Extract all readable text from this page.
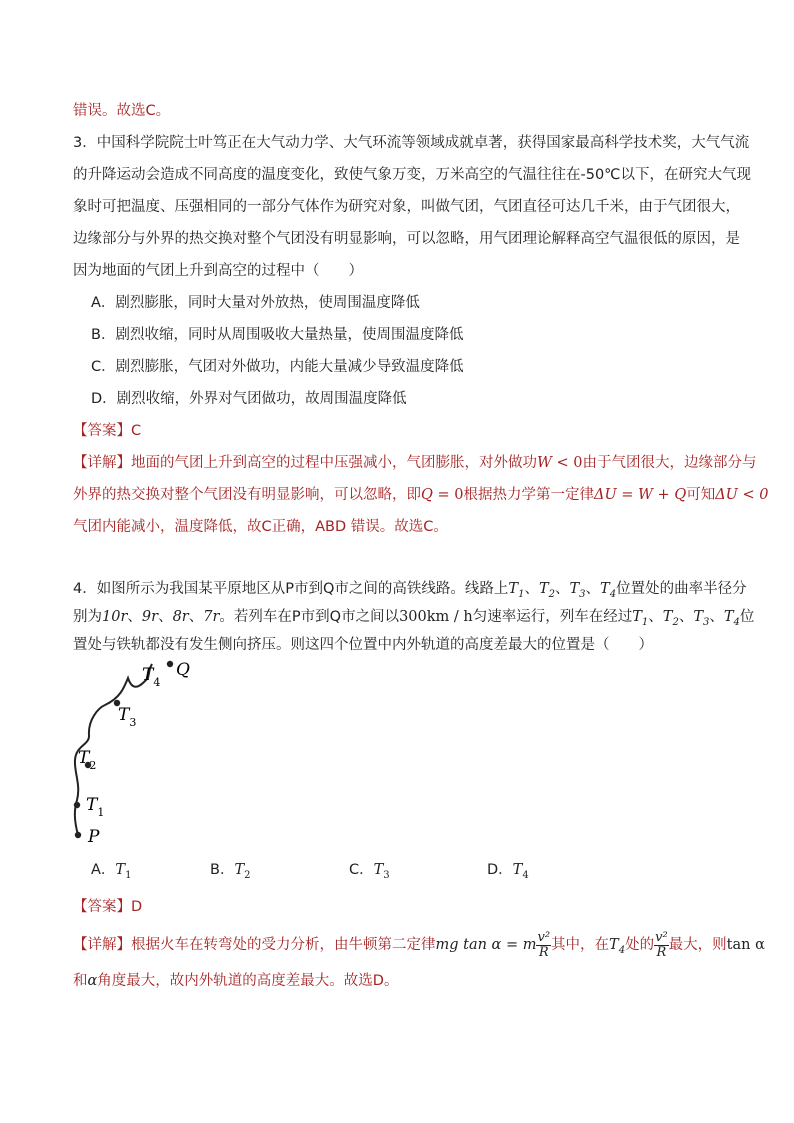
错误。故选C。
3．中国科学院院士叶笃正在大气动力学、大气环流等领域成就卓著，获得国家最高科学技术奖，大气气流
的升降运动会造成不同高度的温度变化，致使气象万变，万米高空的气温往往在-50℃以下，在研究大气现
象时可把温度、压强相同的一部分气体作为研究对象，叫做气团，气团直径可达几千米，由于气团很大，
边缘部分与外界的热交换对整个气团没有明显影响，可以忽略，用气团理论解释高空气温很低的原因，是
因为地面的气团上升到高空的过程中（　　）
A．剧烈膨胀，同时大量对外放热，使周围温度降低
B．剧烈收缩，同时从周围吸收大量热量，使周围温度降低
C．剧烈膨胀，气团对外做功，内能大量减少导致温度降低
D．剧烈收缩，外界对气团做功，故周围温度降低
【答案】C
【详解】地面的气团上升到高空的过程中压强减小，气团膨胀，对外做功W < 0由于气团很大，边缘部分与
外界的热交换对整个气团没有明显影响，可以忽略，即Q = 0根据热力学第一定律ΔU = W + Q可知ΔU < 0
气团内能减小，温度降低，故C正确，ABD 错误。故选C。
4．如图所示为我国某平原地区从P市到Q市之间的高铁线路。线路上$T_1$、$T_2$、$T_3$、$T_4$位置处的曲率半径分
别为10r、9r、8r、7r。若列车在P市到Q市之间以300km / h匀速率运行，列车在经过$T_1$、$T_2$、$T_3$、$T_4$位
置处与铁轨都没有发生侧向挤压。则这四个位置中内外轨道的高度差最大的位置是（　　）
P
$T_1$
$T_2$
$T_3$
$T_4$
Q
A．$T_1$	B．$T_2$	C．$T_3$	D．$T_4$
【答案】D
【详解】根据火车在转弯处的受力分析，由牛顿第二定律mg tan α = m $\frac{\text{v²}}{R}$ 其中，在$T_4$处的 $\frac{\text{v²}}{R}$ 最大，则tan α
和α角度最大，故内外轨道的高度差最大。故选D。
